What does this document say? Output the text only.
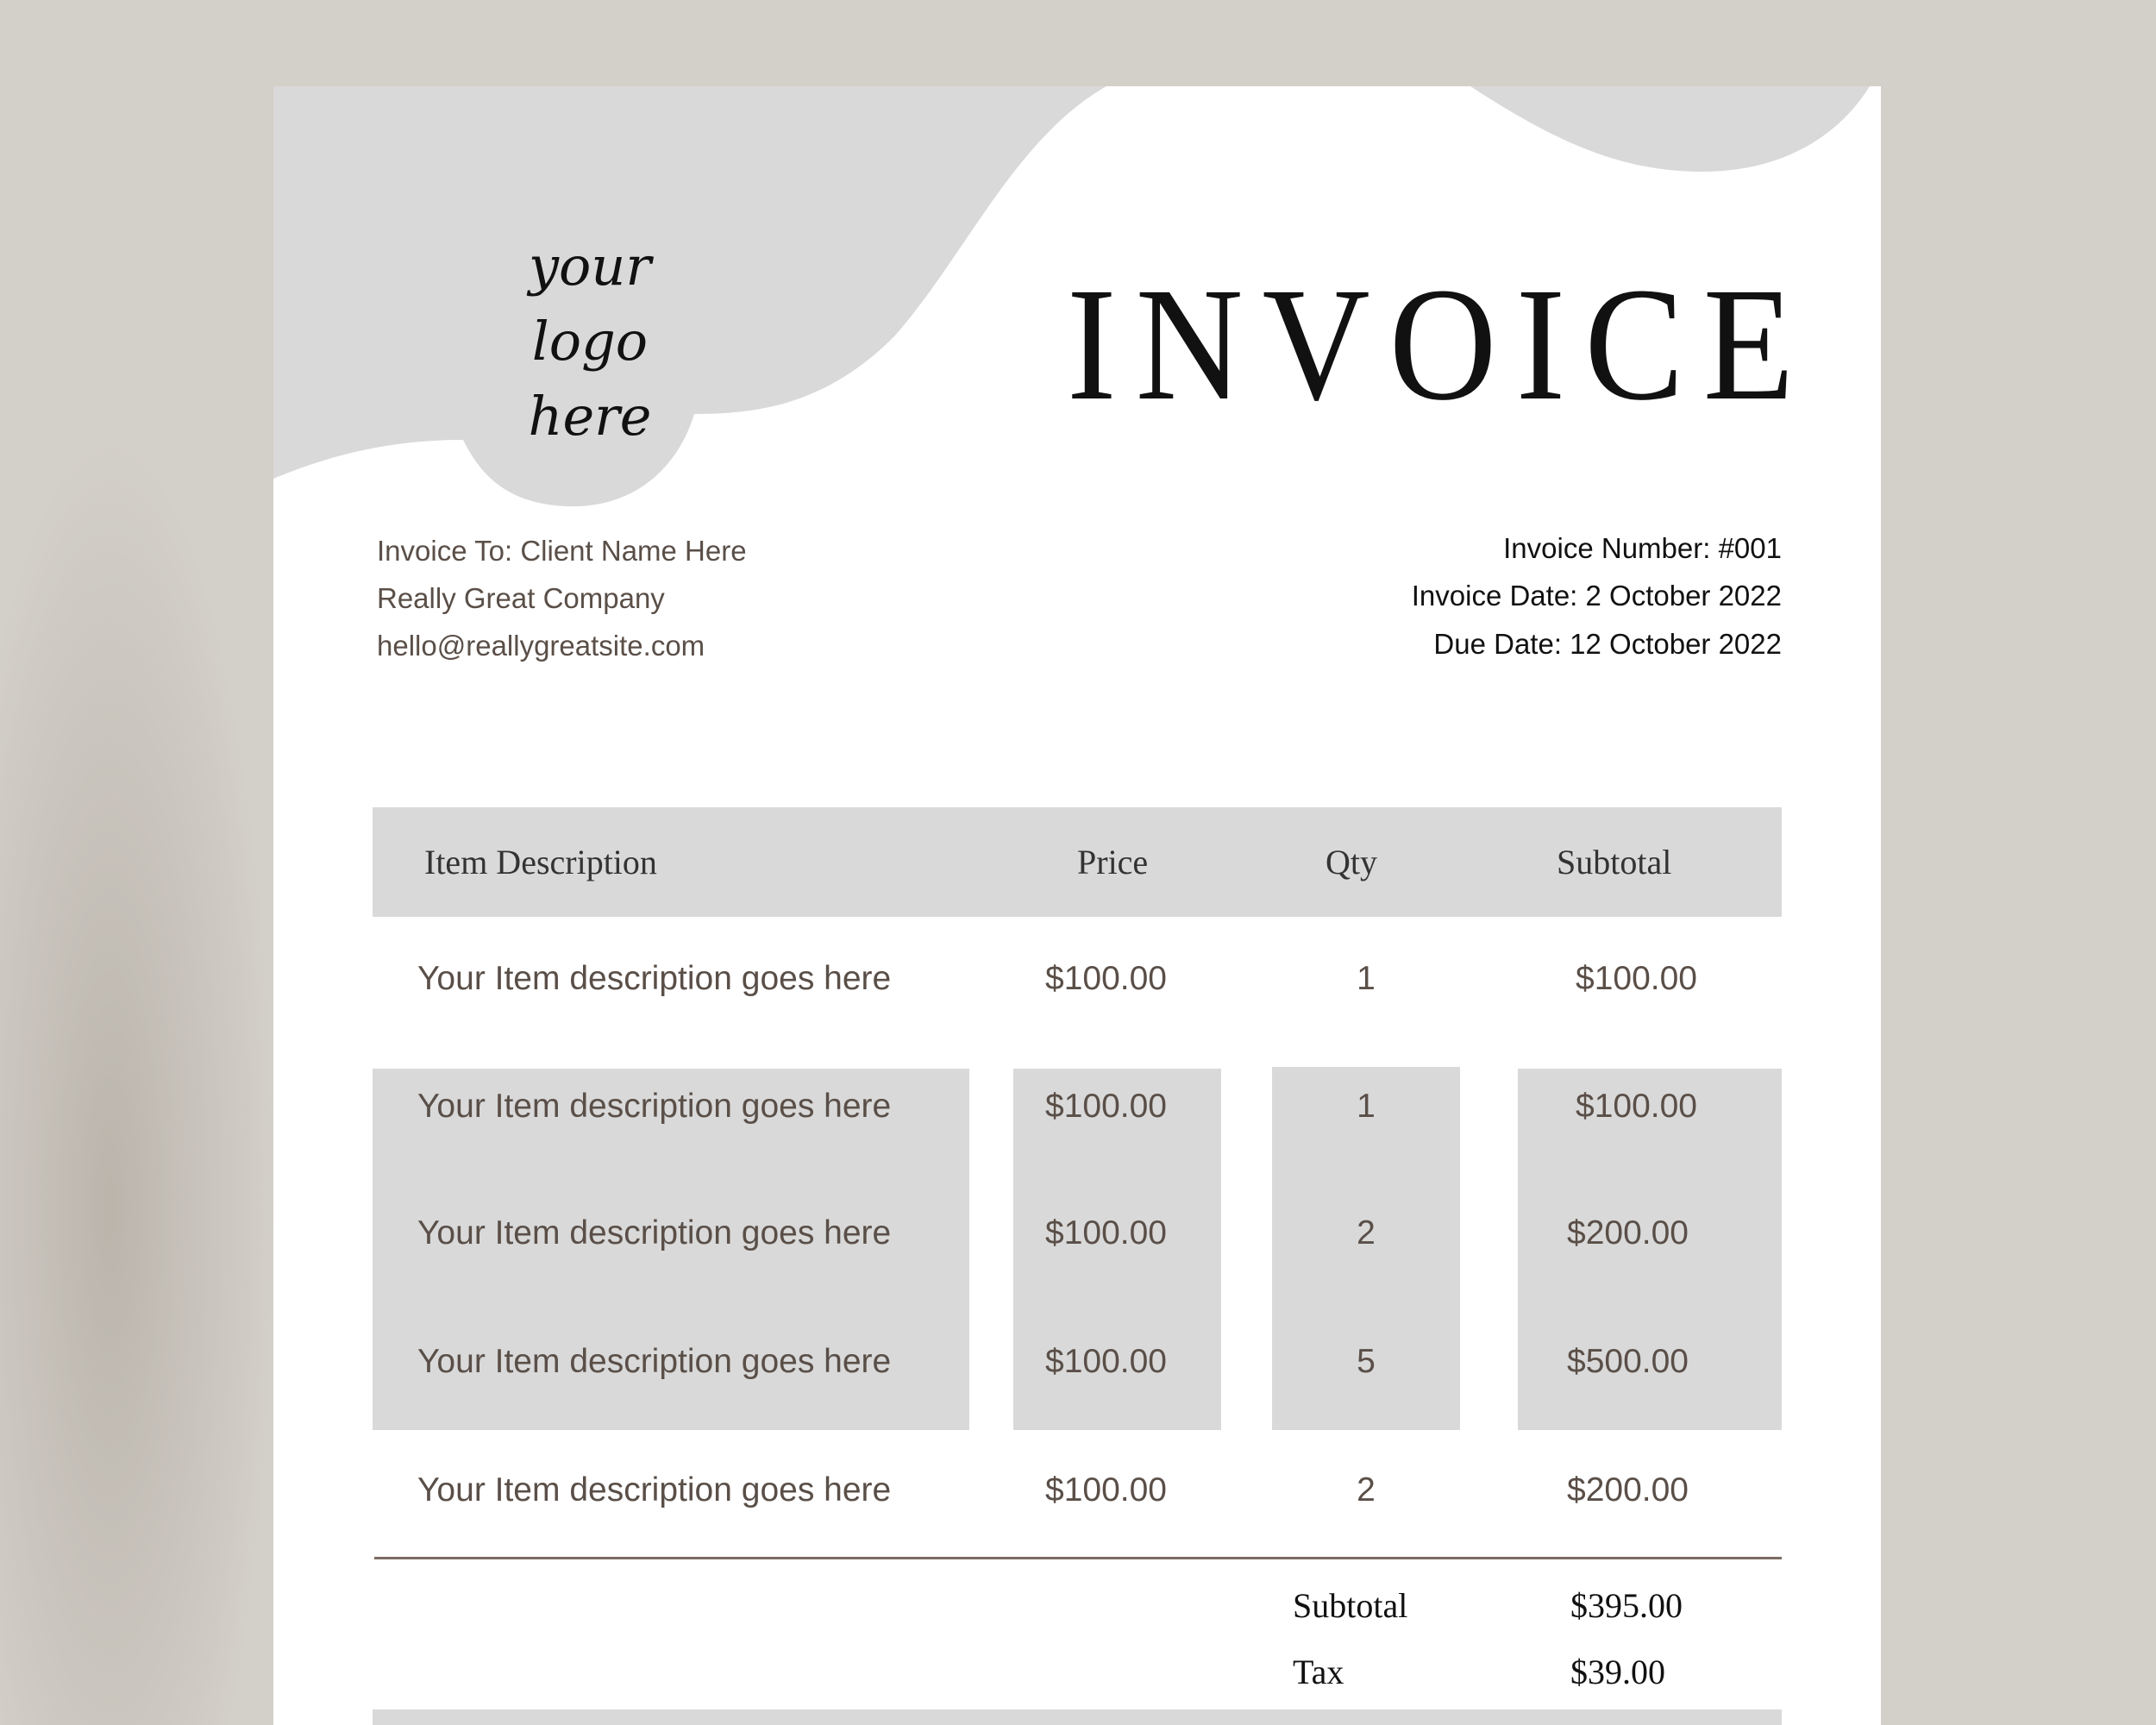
your
logo
here	INVOICE
Invoice To: Client Name Here
Really Great Company
hello@reallygreatsite.com
Invoice Number: #001
Invoice Date: 2 October 2022
Due Date: 12 October 2022
Item Description	Price	Qty	Subtotal
Your Item description goes here	$100.00	1	$100.00
Your Item description goes here	$100.00	1	$100.00
Your Item description goes here	$100.00	2	$200.00
Your Item description goes here	$100.00	5	$500.00
Your Item description goes here	$100.00	2	$200.00
Subtotal	$395.00
Tax	$39.00
